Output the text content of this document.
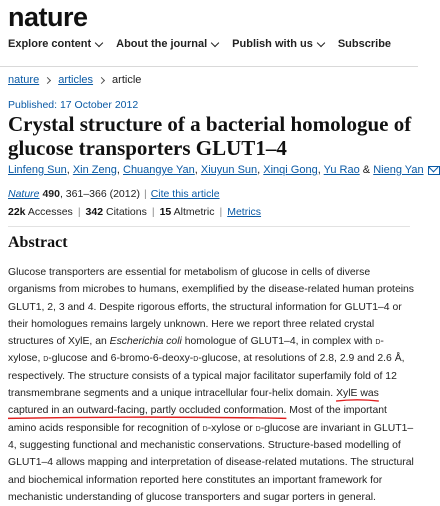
nature
Explore content About the journal Publish with us Subscribe
nature articles article
Published: 17 October 2012
Crystal structure of a bacterial homologue of glucose transporters GLUT1–4
Linfeng Sun, Xin Zeng, Chuangye Yan, Xiuyun Sun, Xinqi Gong, Yu Rao & Nieng Yan
Nature 490, 361–366 (2012) | Cite this article
22k Accesses | 342 Citations | 15 Altmetric | Metrics
Abstract
Glucose transporters are essential for metabolism of glucose in cells of diverse organisms from microbes to humans, exemplified by the disease-related human proteins GLUT1, 2, 3 and 4. Despite rigorous efforts, the structural information for GLUT1–4 or their homologues remains largely unknown. Here we report three related crystal structures of XylE, an Escherichia coli homologue of GLUT1–4, in complex with d-xylose, d-glucose and 6-bromo-6-deoxy-d-glucose, at resolutions of 2.8, 2.9 and 2.6 Å, respectively. The structure consists of a typical major facilitator superfamily fold of 12 transmembrane segments and a unique intracellular four-helix domain. XylE was captured in an outward-facing, partly occluded conformation. Most of the important amino acids responsible for recognition of d-xylose or d-glucose are invariant in GLUT1–4, suggesting functional and mechanistic conservations. Structure-based modelling of GLUT1–4 allows mapping and interpretation of disease-related mutations. The structural and biochemical information reported here constitutes an important framework for mechanistic understanding of glucose transporters and sugar porters in general.
